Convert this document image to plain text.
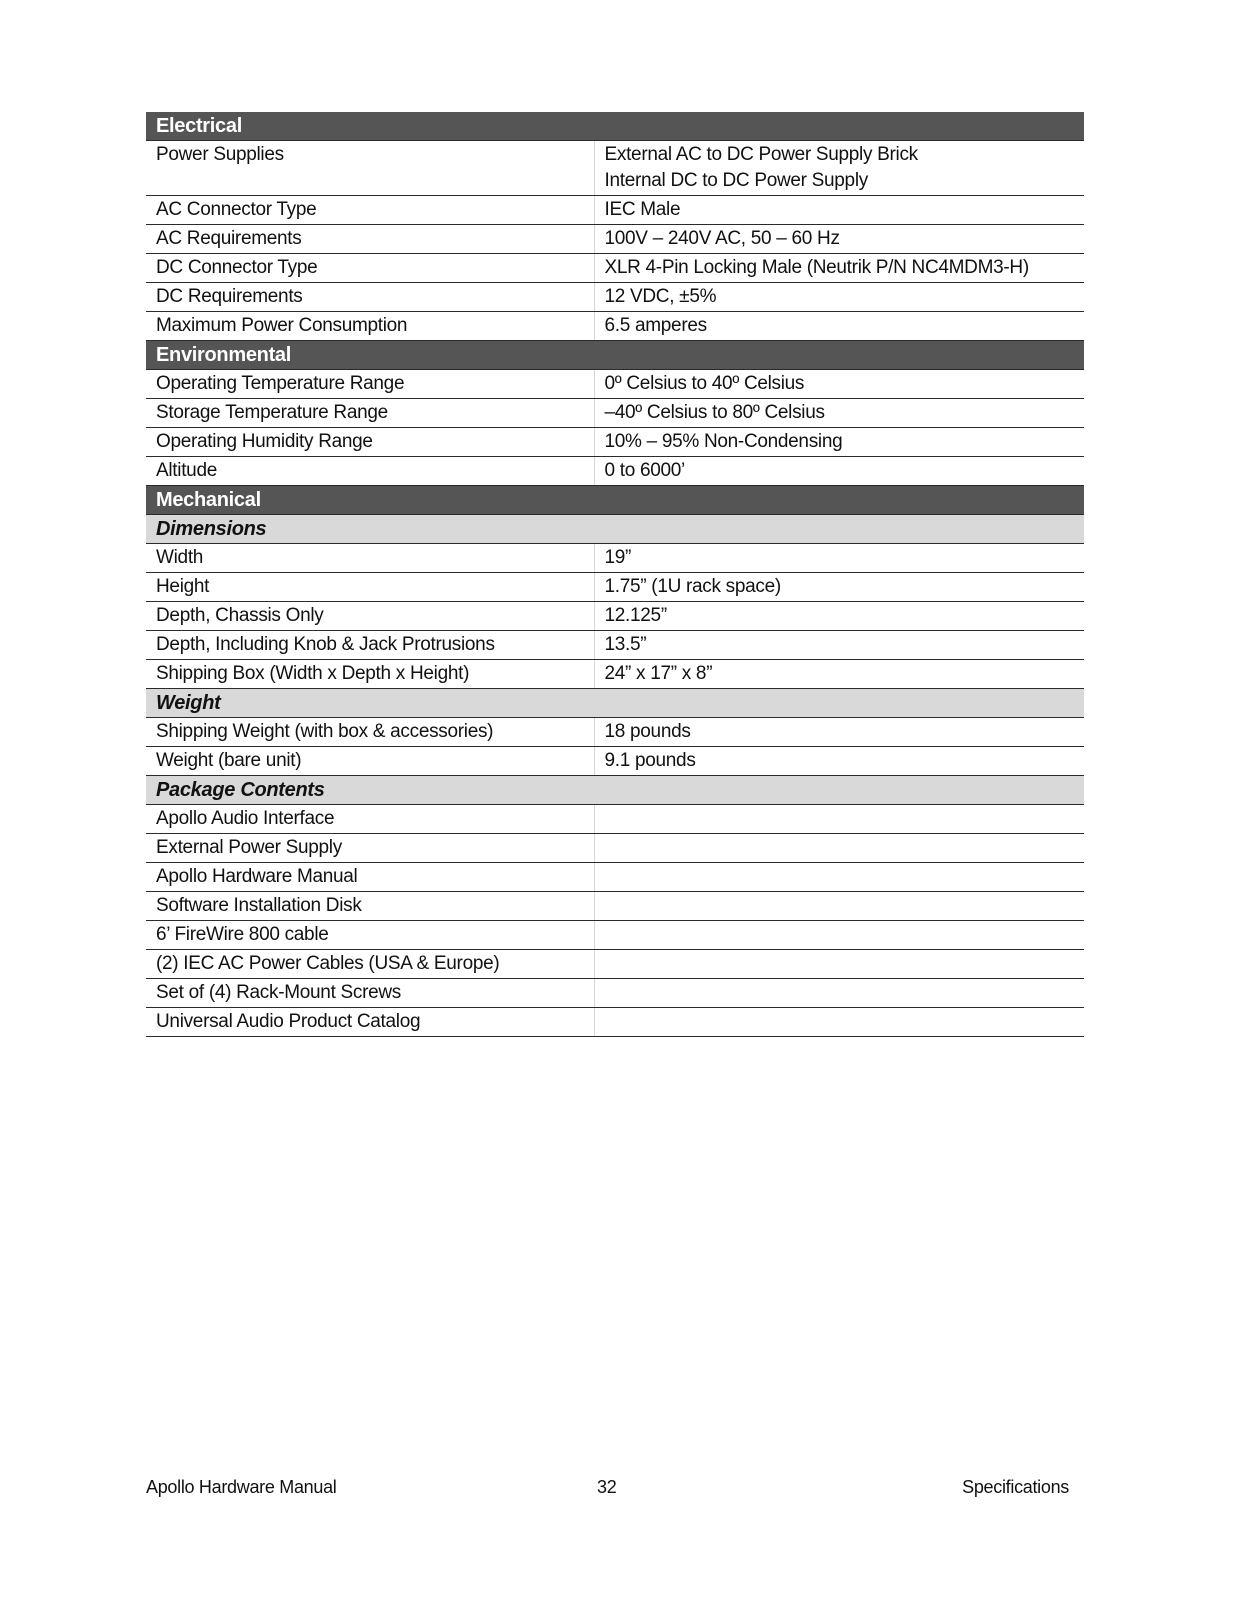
Electrical	
Power Supplies	External AC to DC Power Supply Brick
Internal DC to DC Power Supply

AC Connector Type	IEC Male
AC Requirements	100V – 240V AC, 50 – 60 Hz
DC Connector Type	XLR 4-Pin Locking Male (Neutrik P/N NC4MDM3-H)
DC Requirements	12 VDC, ±5%
Maximum Power Consumption	6.5 amperes
Environmental	
Operating Temperature Range	0º Celsius to 40º Celsius
Storage Temperature Range	–40º Celsius to 80º Celsius
Operating Humidity Range	10% – 95% Non-Condensing
Altitude	0 to 6000’
Mechanical	
Dimensions	
Width	19”
Height	1.75” (1U rack space)
Depth, Chassis Only	12.125”
Depth, Including Knob & Jack Protrusions	13.5”
Shipping Box (Width x Depth x Height)	24” x 17” x 8”
Weight	
Shipping Weight (with box & accessories)	18 pounds
Weight (bare unit)	9.1 pounds
Package Contents	
Apollo Audio Interface	
External Power Supply	
Apollo Hardware Manual	
Software Installation Disk	
6’ FireWire 800 cable	
(2) IEC AC Power Cables (USA & Europe)	
Set of (4) Rack-Mount Screws	
Universal Audio Product Catalog	
Apollo Hardware Manual	32	Specifications
